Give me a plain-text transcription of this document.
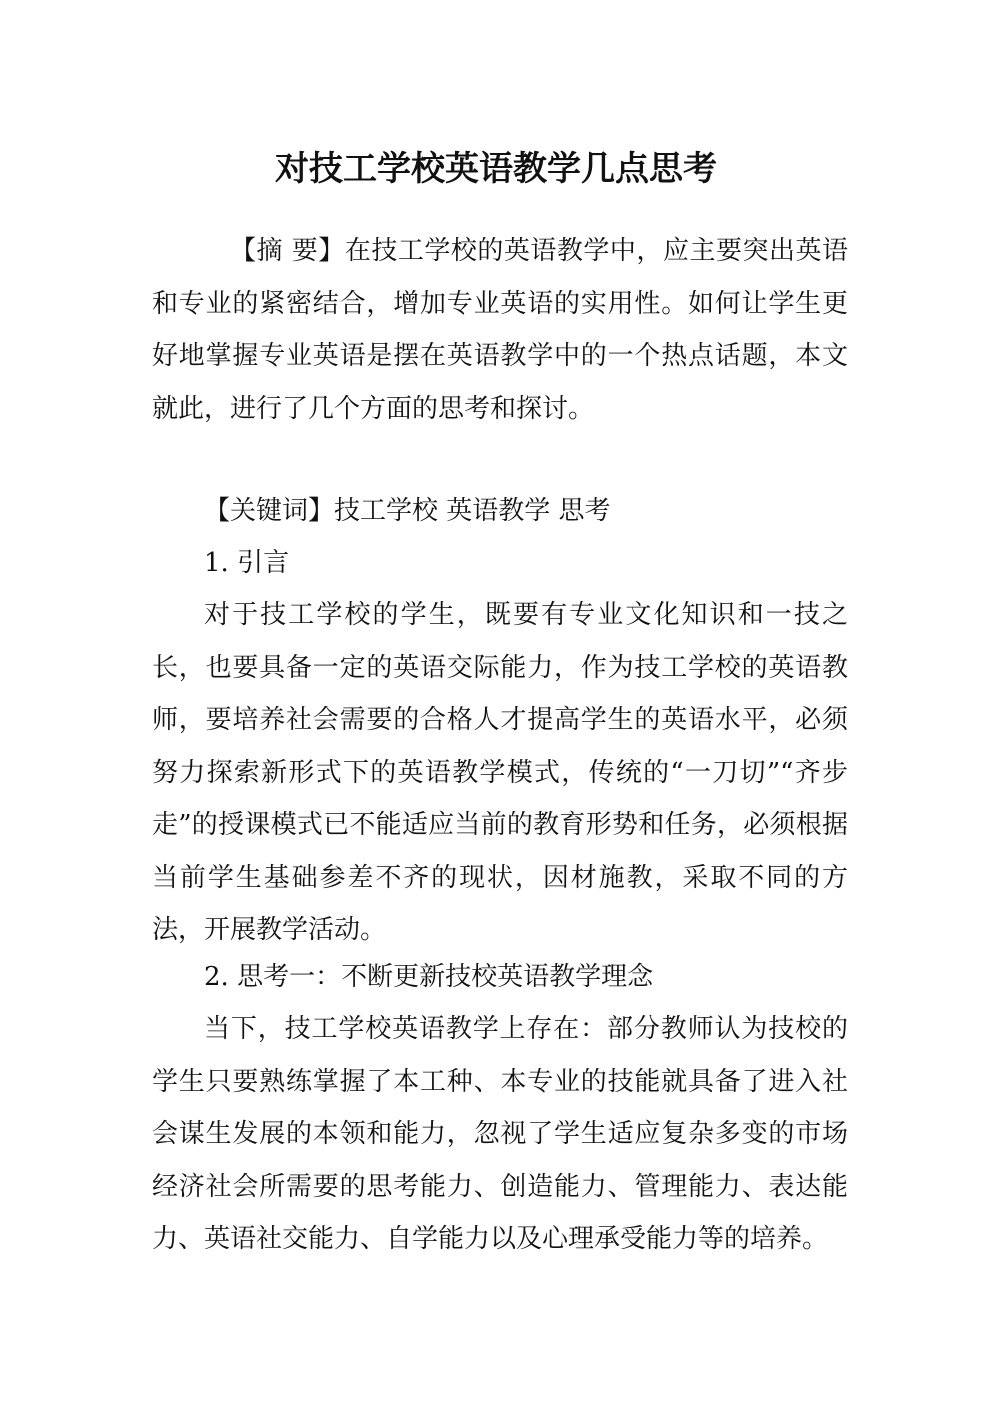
对技工学校英语教学几点思考

【摘 要】在技工学校的英语教学中，应主要突出英语和专业的紧密结合，增加专业英语的实用性。如何让学生更好地掌握专业英语是摆在英语教学中的一个热点话题，本文就此，进行了几个方面的思考和探讨。

【关键词】技工学校 英语教学 思考

1. 引言

对于技工学校的学生，既要有专业文化知识和一技之长，也要具备一定的英语交际能力，作为技工学校的英语教师，要培养社会需要的合格人才提高学生的英语水平，必须努力探索新形式下的英语教学模式，传统的“一刀切”“齐步走”的授课模式已不能适应当前的教育形势和任务，必须根据当前学生基础参差不齐的现状，因材施教，采取不同的方法，开展教学活动。

2. 思考一：不断更新技校英语教学理念

当下，技工学校英语教学上存在：部分教师认为技校的学生只要熟练掌握了本工种、本专业的技能就具备了进入社会谋生发展的本领和能力，忽视了学生适应复杂多变的市场经济社会所需要的思考能力、创造能力、管理能力、表达能力、英语社交能力、自学能力以及心理承受能力等的培养。
